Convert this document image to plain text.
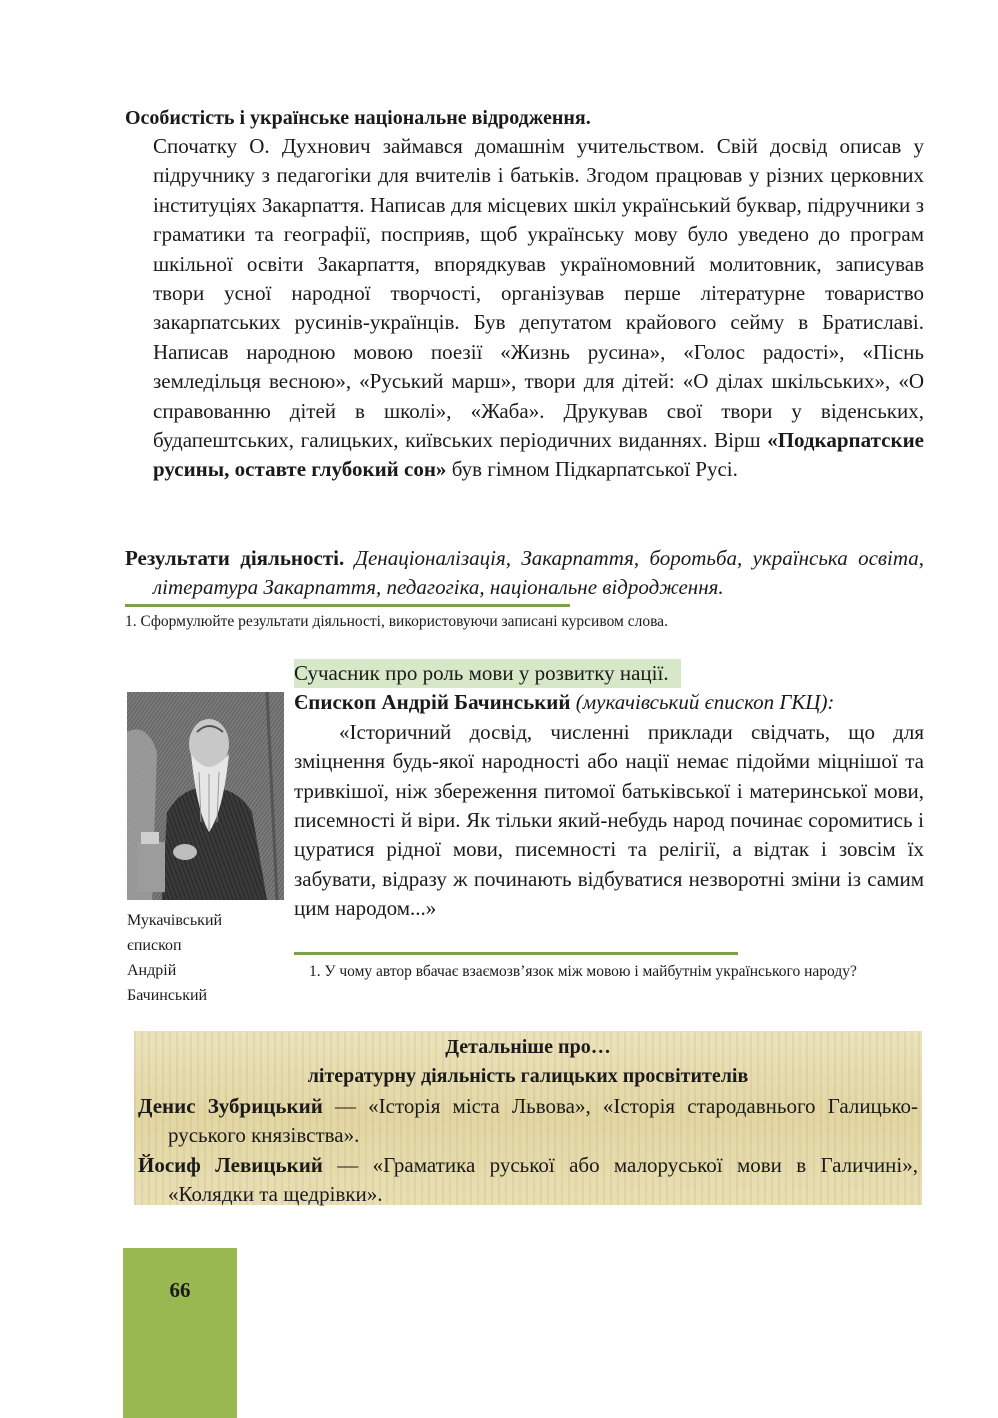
Особистість і українське національне відродження.
Спочатку О. Духнович займався домашнім учительством. Свій досвід описав у підручнику з педагогіки для вчителів і батьків. Згодом працював у різних церковних інституціях Закарпаття. Написав для місцевих шкіл український буквар, підручники з граматики та географії, посприяв, щоб українську мову було уведено до програм шкільної освіти Закарпаття, впорядкував україномовний молитовник, записував твори усної народної творчості, організував перше літературне товариство закарпатських русинів-українців. Був депутатом крайового сейму в Братиславі. Написав народною мовою поезії «Жизнь русина», «Голос радості», «Піснь земледільця весною», «Руський марш», твори для дітей: «О ділах шкільських», «О справованню дітей в школі», «Жаба». Друкував свої твори у віденських, будапештських, галицьких, київських періодичних виданнях. Вірш «Подкарпатские русины, оставте глубокий сон» був гімном Підкарпатської Русі.
Результати діяльності. Денаціоналізація, Закарпаття, боротьба, українська освіта, література Закарпаття, педагогіка, національне відродження.
1. Сформулюйте результати діяльності, використовуючи записані курсивом слова.
Мукачівський
єпископ
Андрій
Бачинський
Сучасник про роль мови у розвитку нації.
Єпископ Андрій Бачинський (мукачівський єпископ ГКЦ):
«Історичний досвід, численні приклади свідчать, що для зміцнення будь-якої народності або нації немає підойми міцнішої та тривкішої, ніж збереження питомої батьківської і материнської мови, писемності й віри. Як тільки який-небудь народ починає соромитись і цуратися рідної мови, писемності та релігії, а відтак і зовсім їх забувати, відразу ж починають відбуватися незворотні зміни із самим цим народом...»
1. У чому автор вбачає взаємозв’язок між мовою і майбутнім українського народу?
Детальніше про…
літературну діяльність галицьких просвітителів
Денис Зубрицький — «Історія міста Львова», «Історія стародавнього Галицько-руського князівства».
Йосиф Левицький — «Граматика руської або малоруської мови в Галичині», «Колядки та щедрівки».
66
